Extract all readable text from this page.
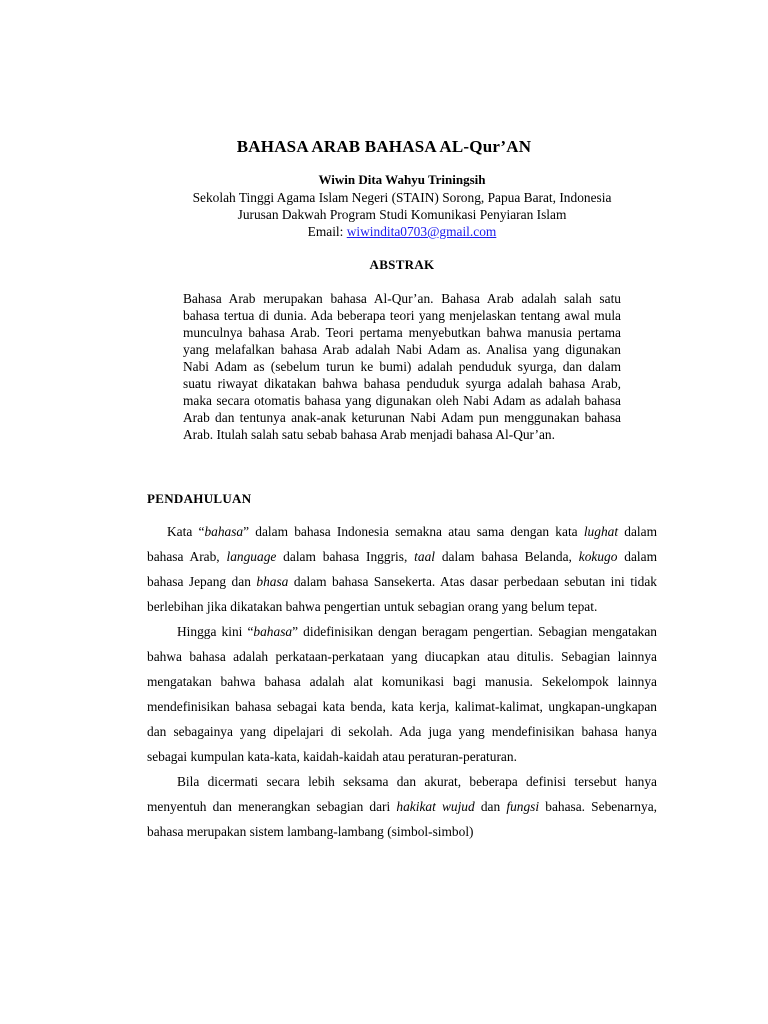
BAHASA ARAB BAHASA AL-Qur’AN
Wiwin Dita Wahyu Triningsih
Sekolah Tinggi Agama Islam Negeri (STAIN) Sorong, Papua Barat, Indonesia
Jurusan Dakwah Program Studi Komunikasi Penyiaran Islam
Email: wiwindita0703@gmail.com
ABSTRAK
Bahasa Arab merupakan bahasa Al-Qur’an. Bahasa Arab adalah salah satu bahasa tertua di dunia. Ada beberapa teori yang menjelaskan tentang awal mula munculnya bahasa Arab. Teori pertama menyebutkan bahwa manusia pertama yang melafalkan bahasa Arab adalah Nabi Adam as. Analisa yang digunakan Nabi Adam as (sebelum turun ke bumi) adalah penduduk syurga, dan dalam suatu riwayat dikatakan bahwa bahasa penduduk syurga adalah bahasa Arab, maka secara otomatis bahasa yang digunakan oleh Nabi Adam as adalah bahasa Arab dan tentunya anak-anak keturunan Nabi Adam pun menggunakan bahasa Arab. Itulah salah satu sebab bahasa Arab menjadi bahasa Al-Qur’an.
PENDAHULUAN

Kata “bahasa” dalam bahasa Indonesia semakna atau sama dengan kata lughat dalam bahasa Arab, language dalam bahasa Inggris, taal dalam bahasa Belanda, kokugo dalam bahasa Jepang dan bhasa dalam bahasa Sansekerta. Atas dasar perbedaan sebutan ini tidak berlebihan jika dikatakan bahwa pengertian untuk sebagian orang yang belum tepat.

Hingga kini “bahasa” didefinisikan dengan beragam pengertian. Sebagian mengatakan bahwa bahasa adalah perkataan-perkataan yang diucapkan atau ditulis. Sebagian lainnya mengatakan bahwa bahasa adalah alat komunikasi bagi manusia. Sekelompok lainnya mendefinisikan bahasa sebagai kata benda, kata kerja, kalimat-kalimat, ungkapan-ungkapan dan sebagainya yang dipelajari di sekolah. Ada juga yang mendefinisikan bahasa hanya sebagai kumpulan kata-kata, kaidah-kaidah atau peraturan-peraturan.

Bila dicermati secara lebih seksama dan akurat, beberapa definisi tersebut hanya menyentuh dan menerangkan sebagian dari hakikat wujud dan fungsi bahasa. Sebenarnya, bahasa merupakan sistem lambang-lambang (simbol-simbol)
